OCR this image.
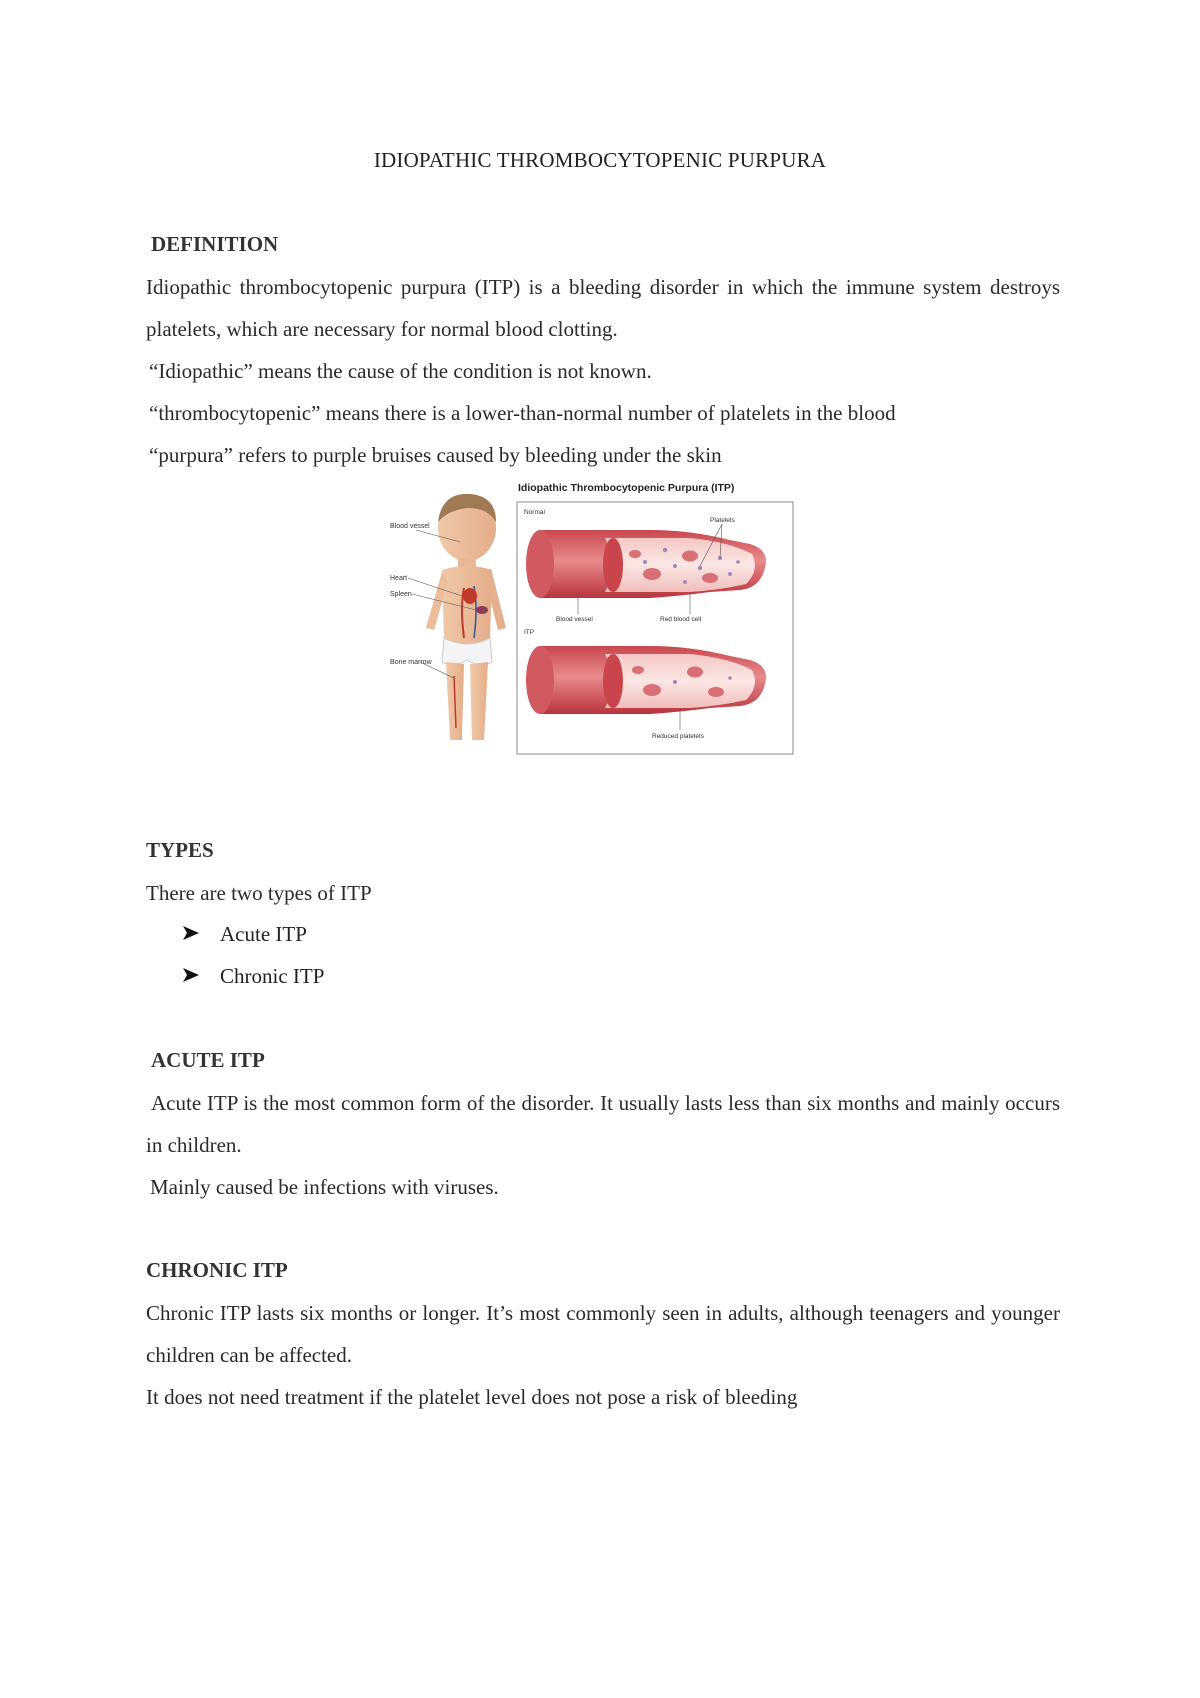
IDIOPATHIC THROMBOCYTOPENIC PURPURA
DEFINITION
Idiopathic thrombocytopenic purpura (ITP) is a bleeding disorder in which the immune system destroys platelets, which are necessary for normal blood clotting.
“Idiopathic” means the cause of the condition is not known.
“thrombocytopenic” means there is a lower-than-normal number of platelets in the blood
“purpura” refers to purple bruises caused by bleeding under the skin
Blood vessel
Heart
Spleen
Bone marrow
Idiopathic Thrombocytopenic Purpura (ITP)
Normal
Platelets
Blood vessel	Red blood cell
ITP
Reduced platelets
TYPES
There are two types of ITP
Acute ITP
Chronic ITP
ACUTE ITP
Acute ITP is the most common form of the disorder. It usually lasts less than six months and mainly occurs in children.
Mainly caused be infections with viruses.
CHRONIC ITP
Chronic ITP lasts six months or longer. It’s most commonly seen in adults, although teenagers and younger children can be affected.
It does not need treatment if the platelet level does not pose a risk of bleeding
